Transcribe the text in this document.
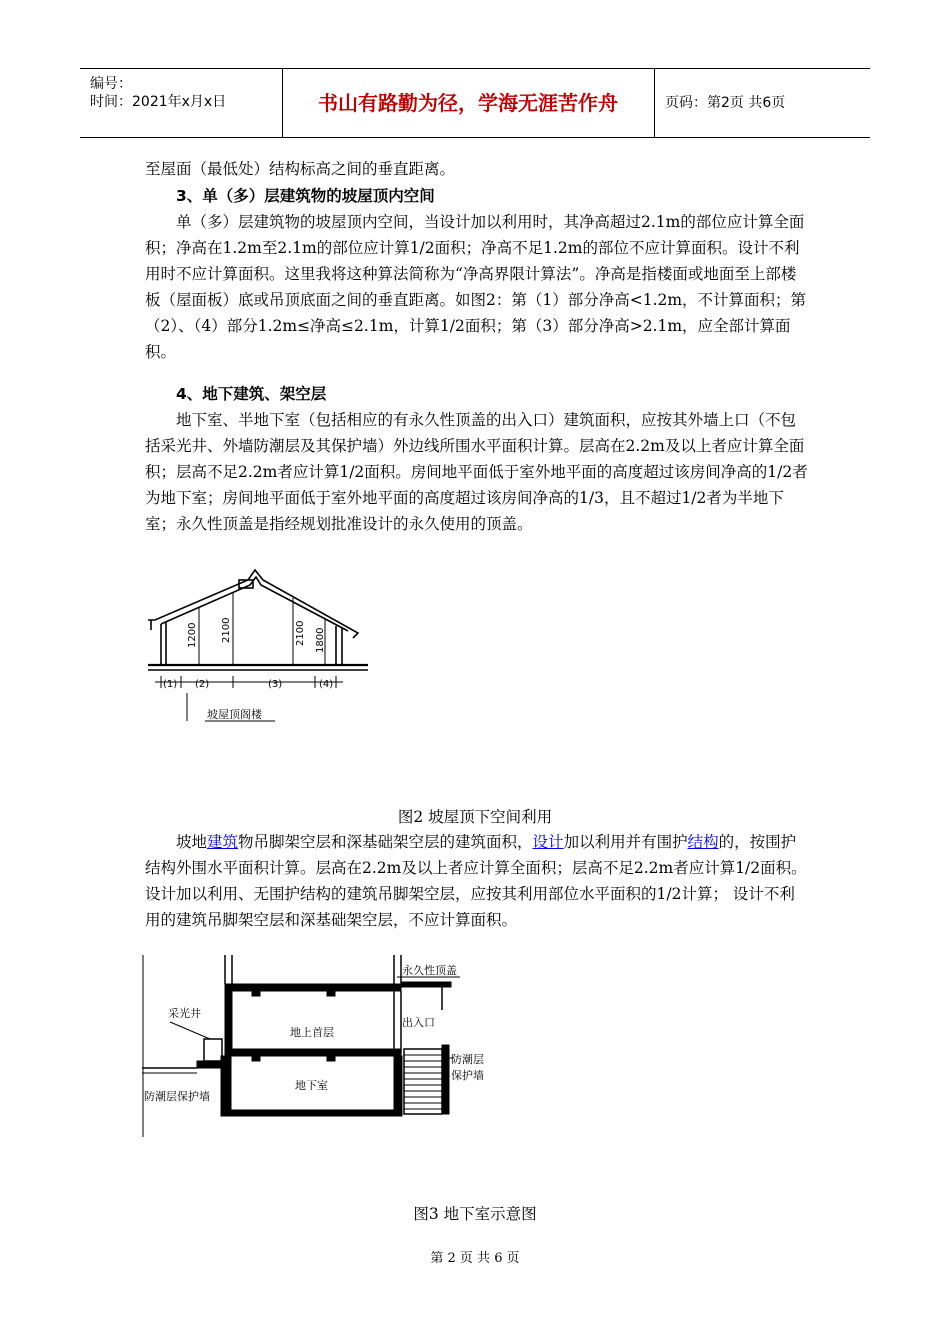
编号：
时间：2021年x月x日	书山有路勤为径，学海无涯苦作舟	页码：第2页 共6页

至屋面（最低处）结构标高之间的垂直距离。

3、单（多）层建筑物的坡屋顶内空间

单（多）层建筑物的坡屋顶内空间，当设计加以利用时，其净高超过2.1m的部位应计算全面积；净高在1.2m至2.1m的部位应计算1/2面积；净高不足1.2m的部位不应计算面积。设计不利用时不应计算面积。这里我将这种算法简称为“净高界限计算法”。净高是指楼面或地面至上部楼板（屋面板）底或吊顶底面之间的垂直距离。如图2：第（1）部分净高<1.2m，不计算面积；第（2）、（4）部分1.2m≤净高≤2.1m，计算1/2面积；第（3）部分净高>2.1m，应全部计算面积。

4、地下建筑、架空层

地下室、半地下室（包括相应的有永久性顶盖的出入口）建筑面积，应按其外墙上口（不包括采光井、外墙防潮层及其保护墙）外边线所围水平面积计算。层高在2.2m及以上者应计算全面积；层高不足2.2m者应计算1/2面积。房间地平面低于室外地平面的高度超过该房间净高的1/2者为地下室；房间地平面低于室外地平面的高度超过该房间净高的1/3，且不超过1/2者为半地下室；永久性顶盖是指经规划批准设计的永久使用的顶盖。

1200 2100	2100 1800
(1) (2)	(3)	(4)
坡屋顶阁楼
图2 坡屋顶下空间利用

坡地建筑物吊脚架空层和深基础架空层的建筑面积，设计加以利用并有围护结构的，按围护结构外围水平面积计算。层高在2.2m及以上者应计算全面积；层高不足2.2m者应计算1/2面积。设计加以利用、无围护结构的建筑吊脚架空层，应按其利用部位水平面积的1/2计算； 设计不利用的建筑吊脚架空层和深基础架空层，不应计算面积。

永久性顶盖
采光井
地上首层
出入口
地下室
防潮层
保护墙
防潮层保护墙
图3 地下室示意图
第 2 页 共 6 页
